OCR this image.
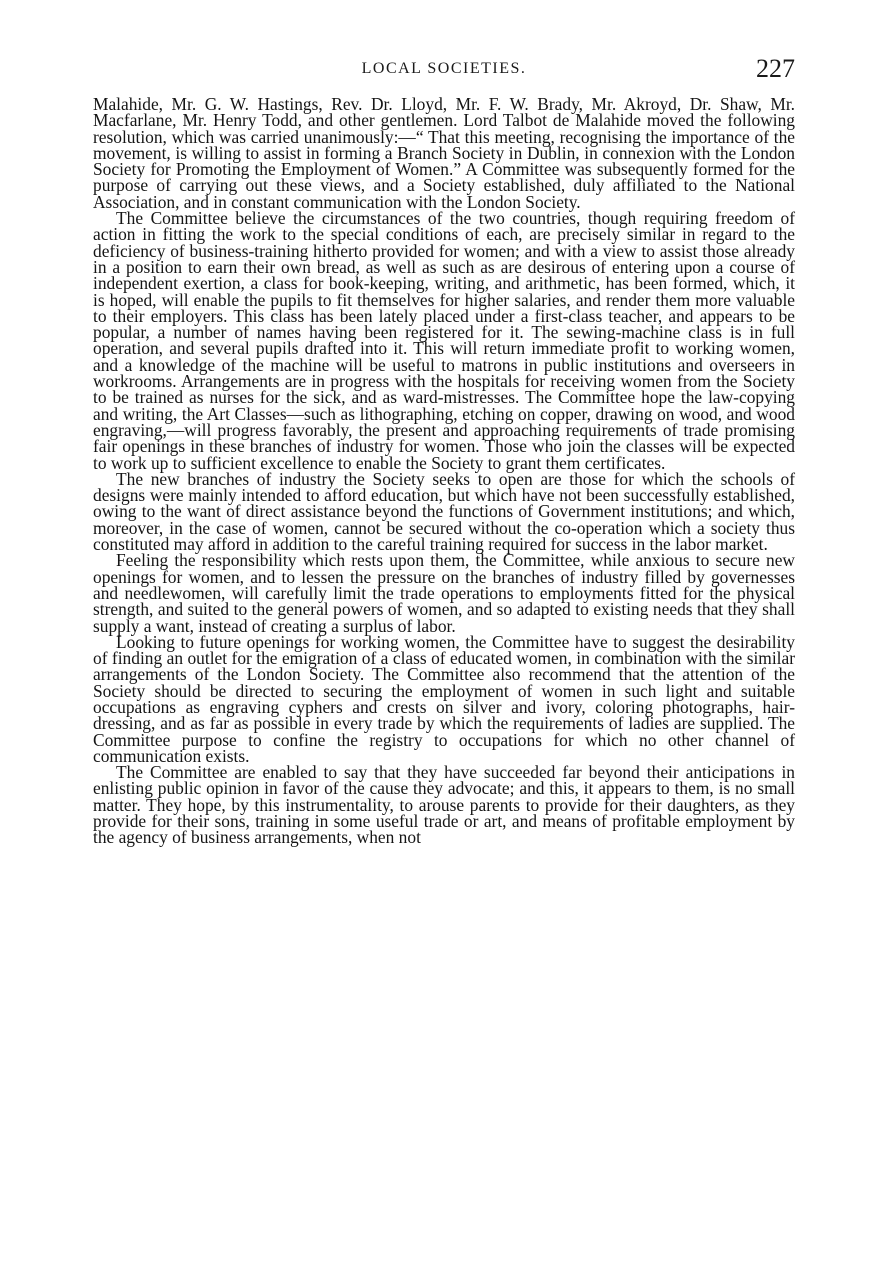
LOCAL SOCIETIES.	227

Malahide, Mr. G. W. Hastings, Rev. Dr. Lloyd, Mr. F. W. Brady, Mr. Akroyd, Dr. Shaw, Mr. Macfarlane, Mr. Henry Todd, and other gentlemen. Lord Talbot de Malahide moved the following resolution, which was carried unanimously:—“ That this meeting, recognising the importance of the movement, is willing to assist in forming a Branch Society in Dublin, in connexion with the London Society for Promoting the Employment of Women.” A Committee was subsequently formed for the purpose of carrying out these views, and a Society established, duly affiliated to the National Association, and in constant communication with the London Society.

The Committee believe the circumstances of the two countries, though requiring freedom of action in fitting the work to the special conditions of each, are precisely similar in regard to the deficiency of business-training hitherto provided for women; and with a view to assist those already in a position to earn their own bread, as well as such as are desirous of entering upon a course of independent exertion, a class for book-keeping, writing, and arithmetic, has been formed, which, it is hoped, will enable the pupils to fit themselves for higher salaries, and render them more valuable to their employers. This class has been lately placed under a first-class teacher, and appears to be popular, a number of names having been registered for it. The sewing-machine class is in full operation, and several pupils drafted into it. This will return immediate profit to working women, and a knowledge of the machine will be useful to matrons in public institutions and overseers in workrooms. Arrangements are in progress with the hospitals for receiving women from the Society to be trained as nurses for the sick, and as ward-mistresses. The Committee hope the law-copying and writing, the Art Classes—such as lithographing, etching on copper, drawing on wood, and wood engraving,—will progress favorably, the present and approaching requirements of trade promising fair openings in these branches of industry for women. Those who join the classes will be expected to work up to sufficient excellence to enable the Society to grant them certificates.

The new branches of industry the Society seeks to open are those for which the schools of designs were mainly intended to afford education, but which have not been successfully established, owing to the want of direct assistance beyond the functions of Government institutions; and which, moreover, in the case of women, cannot be secured without the co-operation which a society thus constituted may afford in addition to the careful training required for success in the labor market.

Feeling the responsibility which rests upon them, the Committee, while anxious to secure new openings for women, and to lessen the pressure on the branches of industry filled by governesses and needlewomen, will carefully limit the trade operations to employments fitted for the physical strength, and suited to the general powers of women, and so adapted to existing needs that they shall supply a want, instead of creating a surplus of labor.

Looking to future openings for working women, the Committee have to suggest the desirability of finding an outlet for the emigration of a class of educated women, in combination with the similar arrangements of the London Society. The Committee also recommend that the attention of the Society should be directed to securing the employment of women in such light and suitable occupations as engraving cyphers and crests on silver and ivory, coloring photographs, hair-dressing, and as far as possible in every trade by which the requirements of ladies are supplied. The Committee purpose to confine the registry to occupations for which no other channel of communication exists.

The Committee are enabled to say that they have succeeded far beyond their anticipations in enlisting public opinion in favor of the cause they advocate; and this, it appears to them, is no small matter. They hope, by this instrumentality, to arouse parents to provide for their daughters, as they provide for their sons, training in some useful trade or art, and means of profitable employment by the agency of business arrangements, when not
